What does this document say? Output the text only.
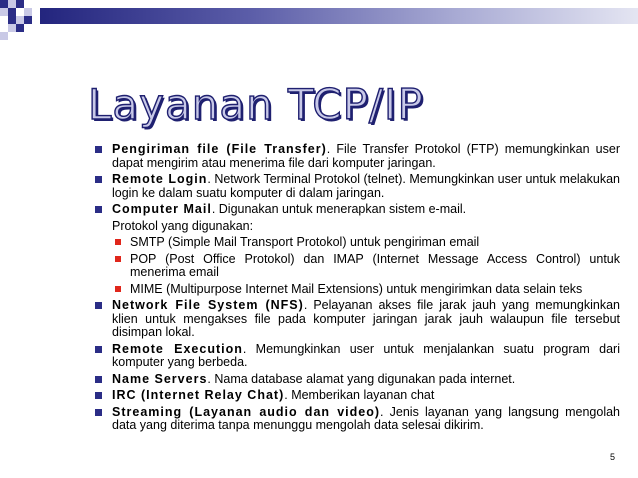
Layanan TCP/IP
Pengiriman file (File Transfer). File Transfer Protokol (FTP) memungkinkan user dapat mengirim atau menerima file dari komputer jaringan.
Remote Login. Network Terminal Protokol (telnet). Memungkinkan user untuk melakukan login ke dalam suatu komputer di dalam jaringan.
Computer Mail. Digunakan untuk menerapkan sistem e-mail.
Protokol yang digunakan:
SMTP (Simple Mail Transport Protokol) untuk pengiriman email
POP (Post Office Protokol) dan IMAP (Internet Message Access Control) untuk menerima email
MIME (Multipurpose Internet Mail Extensions) untuk mengirimkan data selain teks
Network File System (NFS). Pelayanan akses file jarak jauh yang memungkinkan klien untuk mengakses file pada komputer jaringan jarak jauh walaupun file tersebut disimpan lokal.
Remote Execution. Memungkinkan user untuk menjalankan suatu program dari komputer yang berbeda.
Name Servers. Nama database alamat yang digunakan pada internet.
IRC (Internet Relay Chat). Memberikan layanan chat
Streaming (Layanan audio dan video). Jenis layanan yang langsung mengolah data yang diterima tanpa menunggu mengolah data selesai dikirim.
5
